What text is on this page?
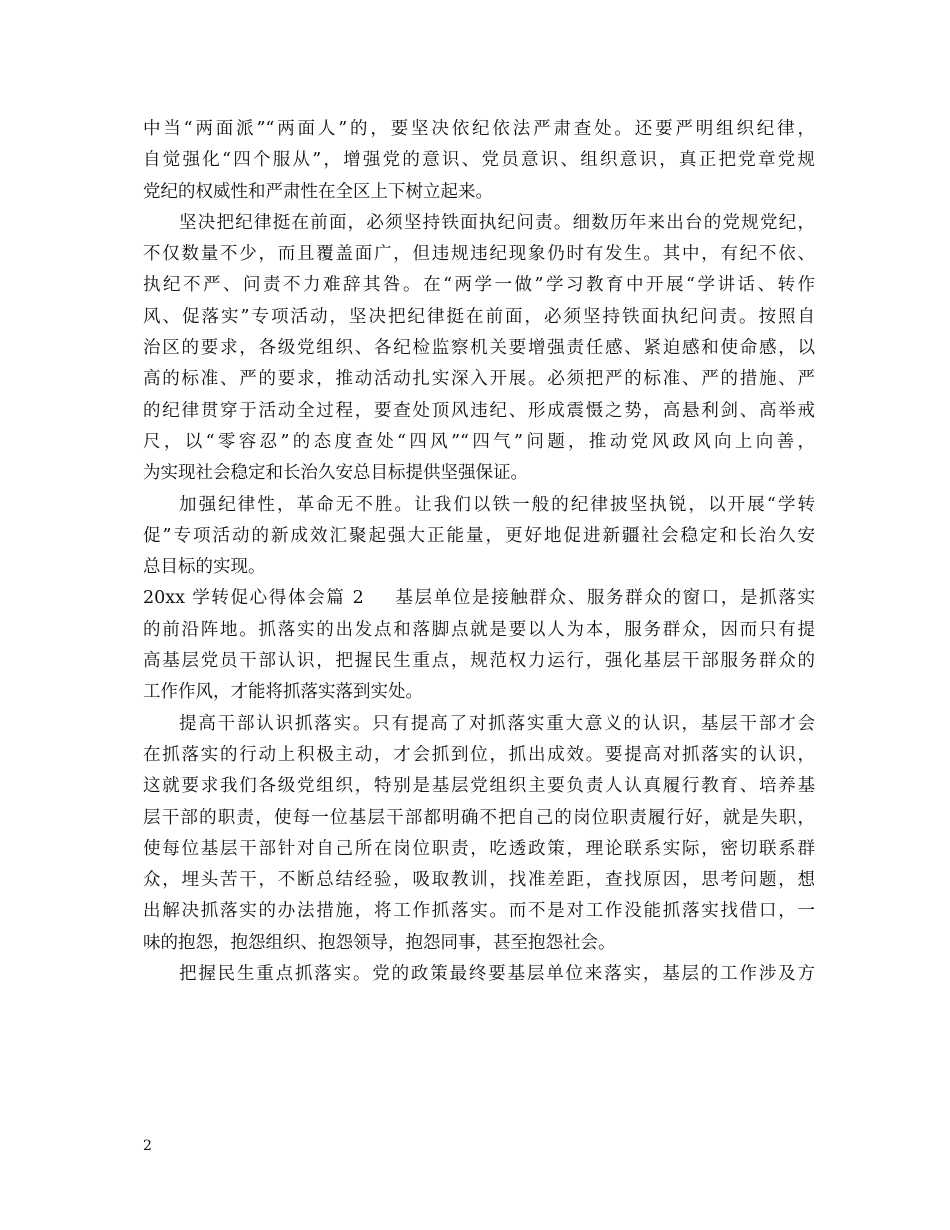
中当“两面派”“两面人”的，要坚决依纪依法严肃查处。还要严明组织纪律，
自觉强化“四个服从”，增强党的意识、党员意识、组织意识，真正把党章党规
党纪的权威性和严肃性在全区上下树立起来。
坚决把纪律挺在前面，必须坚持铁面执纪问责。细数历年来出台的党规党纪，
不仅数量不少，而且覆盖面广，但违规违纪现象仍时有发生。其中，有纪不依、
执纪不严、问责不力难辞其咎。在“两学一做”学习教育中开展“学讲话、转作
风、促落实”专项活动，坚决把纪律挺在前面，必须坚持铁面执纪问责。按照自
治区的要求，各级党组织、各纪检监察机关要增强责任感、紧迫感和使命感，以
高的标准、严的要求，推动活动扎实深入开展。必须把严的标准、严的措施、严
的纪律贯穿于活动全过程，要查处顶风违纪、形成震慑之势，高悬利剑、高举戒
尺，以“零容忍”的态度查处“四风”“四气”问题，推动党风政风向上向善，
为实现社会稳定和长治久安总目标提供坚强保证。
加强纪律性，革命无不胜。让我们以铁一般的纪律披坚执锐，以开展“学转
促”专项活动的新成效汇聚起强大正能量，更好地促进新疆社会稳定和长治久安
总目标的实现。
20xx 学转促心得体会篇 2 基层单位是接触群众、服务群众的窗口，是抓落实
的前沿阵地。抓落实的出发点和落脚点就是要以人为本，服务群众，因而只有提
高基层党员干部认识，把握民生重点，规范权力运行，强化基层干部服务群众的
工作作风，才能将抓落实落到实处。
提高干部认识抓落实。只有提高了对抓落实重大意义的认识，基层干部才会
在抓落实的行动上积极主动，才会抓到位，抓出成效。要提高对抓落实的认识，
这就要求我们各级党组织，特别是基层党组织主要负责人认真履行教育、培养基
层干部的职责，使每一位基层干部都明确不把自己的岗位职责履行好，就是失职，
使每位基层干部针对自己所在岗位职责，吃透政策，理论联系实际，密切联系群
众，埋头苦干，不断总结经验，吸取教训，找准差距，查找原因，思考问题，想
出解决抓落实的办法措施，将工作抓落实。而不是对工作没能抓落实找借口，一
味的抱怨，抱怨组织、抱怨领导，抱怨同事，甚至抱怨社会。
把握民生重点抓落实。党的政策最终要基层单位来落实，基层的工作涉及方
2
